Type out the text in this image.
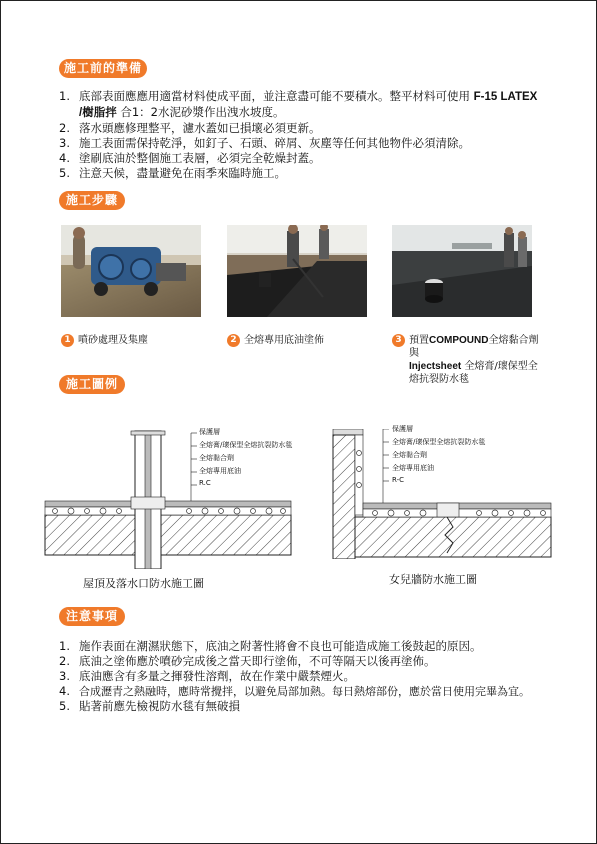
施工前的準備
1. 底部表面應應用適當材料使成平面，並注意盡可能不要積水。整平材料可使用 F-15 LATEX
/樹脂拌 合1：2水泥砂漿作出洩水坡度。
2. 落水頭應修理整平，濾水蓋如已損壞必須更新。
3. 施工表面需保持乾淨，如釘子、石頭、碎屑、灰塵等任何其他物件必須清除。
4. 塗刷底油於整個施工表層，必須完全乾燥封蓋。
5. 注意天候，盡量避免在雨季來臨時施工。
施工步驟
1 噴砂處理及集塵	2 全熔專用底油塗佈	3 預置COMPOUND全熔黏合劑與
Injectsheet 全熔膏/瓌保型全
熔抗裂防水毯
施工圖例
保護層
全熔膏/瓌保型全熔抗裂防水毯
全熔黏合劑
全熔專用底油
R.C
屋頂及落水口防水施工圖
保護層
全熔膏/瓌保型全熔抗裂防水毯
全熔黏合劑
全熔專用底油
R-C
女兒牆防水施工圖
注意事項
1. 施作表面在潮濕狀態下，底油之附著性將會不良也可能造成施工後鼓起的原因。
2. 底油之塗佈應於噴砂完成後之當天即行塗佈，不可等隔天以後再塗佈。
3. 底油應含有多量之揮發性溶劑，故在作業中嚴禁煙火。
4. 合成瀝青之熱融時，應時常攪拌，以避免局部加熱。每日熱熔部份，應於當日使用完畢為宜。
5. 貼著前應先檢視防水毯有無破損
